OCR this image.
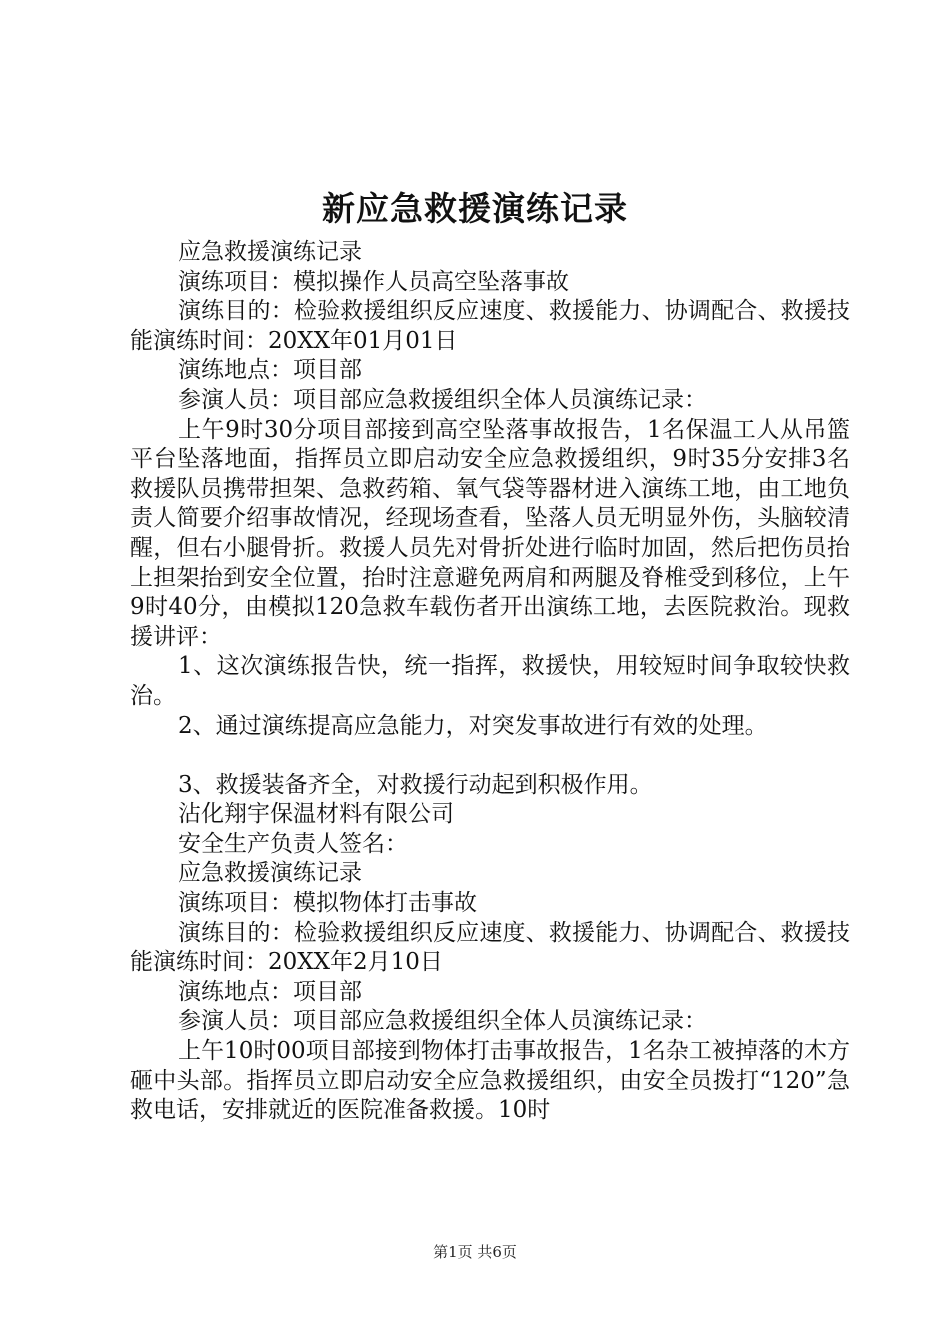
新应急救援演练记录

应急救援演练记录

演练项目：模拟操作人员高空坠落事故

演练目的：检验救援组织反应速度、救援能力、协调配合、救援技能演练时间：20XX年01月01日

演练地点：项目部

参演人员：项目部应急救援组织全体人员演练记录：

上午9时30分项目部接到高空坠落事故报告，1名保温工人从吊篮平台坠落地面，指挥员立即启动安全应急救援组织，9时35分安排3名救援队员携带担架、急救药箱、氧气袋等器材进入演练工地，由工地负责人简要介绍事故情况，经现场查看，坠落人员无明显外伤，头脑较清醒，但右小腿骨折。救援人员先对骨折处进行临时加固，然后把伤员抬上担架抬到安全位置，抬时注意避免两肩和两腿及脊椎受到移位，上午9时40分，由模拟120急救车载伤者开出演练工地，去医院救治。现救援讲评：

1、这次演练报告快，统一指挥，救援快，用较短时间争取较快救治。

2、通过演练提高应急能力，对突发事故进行有效的处理。

3、救援装备齐全，对救援行动起到积极作用。

沾化翔宇保温材料有限公司

安全生产负责人签名：

应急救援演练记录

演练项目：模拟物体打击事故

演练目的：检验救援组织反应速度、救援能力、协调配合、救援技能演练时间：20XX年2月10日

演练地点：项目部

参演人员：项目部应急救援组织全体人员演练记录：

上午10时00项目部接到物体打击事故报告，1名杂工被掉落的木方砸中头部。指挥员立即启动安全应急救援组织，由安全员拨打“120”急救电话，安排就近的医院准备救援。10时

第1页 共6页
